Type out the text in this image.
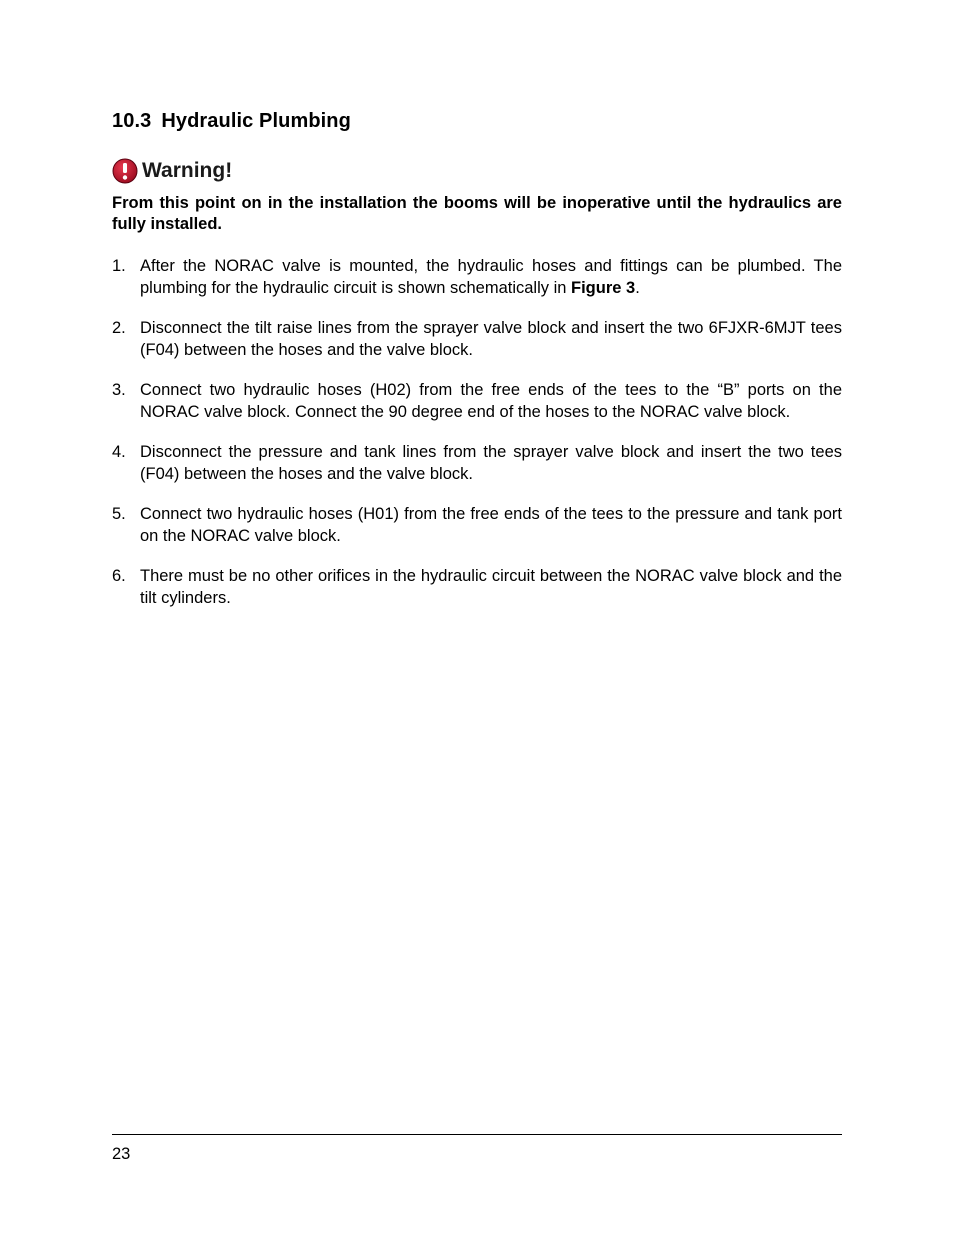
10.3 Hydraulic Plumbing
Warning!
From this point on in the installation the booms will be inoperative until the hydraulics are fully installed.
1. After the NORAC valve is mounted, the hydraulic hoses and fittings can be plumbed. The plumbing for the hydraulic circuit is shown schematically in Figure 3.
2. Disconnect the tilt raise lines from the sprayer valve block and insert the two 6FJXR-6MJT tees (F04) between the hoses and the valve block.
3. Connect two hydraulic hoses (H02) from the free ends of the tees to the “B” ports on the NORAC valve block. Connect the 90 degree end of the hoses to the NORAC valve block.
4. Disconnect the pressure and tank lines from the sprayer valve block and insert the two tees (F04) between the hoses and the valve block.
5. Connect two hydraulic hoses (H01) from the free ends of the tees to the pressure and tank port on the NORAC valve block.
6. There must be no other orifices in the hydraulic circuit between the NORAC valve block and the tilt cylinders.
23
